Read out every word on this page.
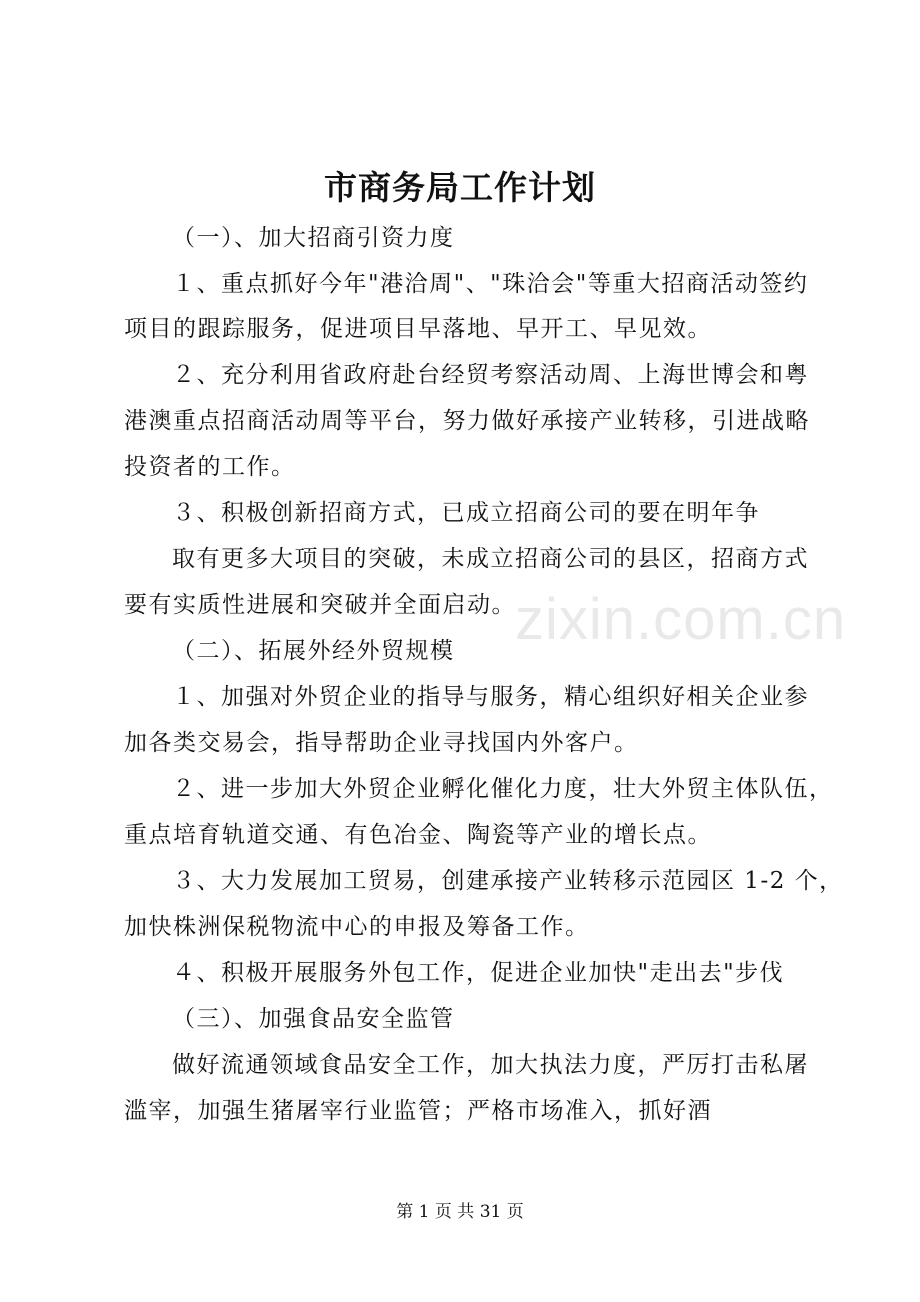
zixin.com.cn
市商务局工作计划
（一）、加大招商引资力度
１、重点抓好今年"港洽周"、"珠洽会"等重大招商活动签约
项目的跟踪服务，促进项目早落地、早开工、早见效。
２、充分利用省政府赴台经贸考察活动周、上海世博会和粤
港澳重点招商活动周等平台，努力做好承接产业转移，引进战略
投资者的工作。
３、积极创新招商方式，已成立招商公司的要在明年争
取有更多大项目的突破，未成立招商公司的县区，招商方式
要有实质性进展和突破并全面启动。
（二）、拓展外经外贸规模
１、加强对外贸企业的指导与服务，精心组织好相关企业参
加各类交易会，指导帮助企业寻找国内外客户。
２、进一步加大外贸企业孵化催化力度，壮大外贸主体队伍，
重点培育轨道交通、有色冶金、陶瓷等产业的增长点。
３、大力发展加工贸易，创建承接产业转移示范园区 1-2 个，
加快株洲保税物流中心的申报及筹备工作。
４、积极开展服务外包工作，促进企业加快"走出去"步伐
（三）、加强食品安全监管
做好流通领域食品安全工作，加大执法力度，严厉打击私屠
滥宰，加强生猪屠宰行业监管；严格市场准入，抓好酒
第 1 页 共 31 页
